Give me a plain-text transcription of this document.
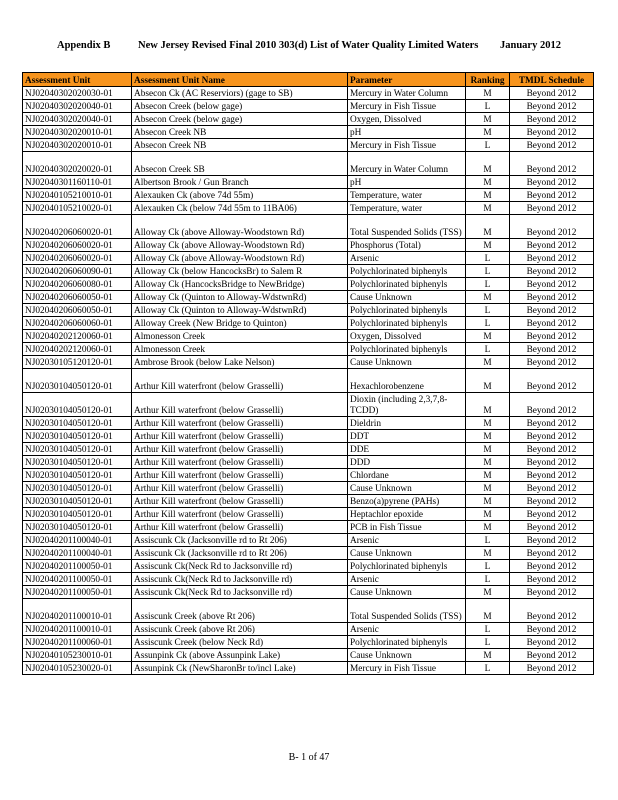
Appendix B	New Jersey Revised Final 2010 303(d) List of Water Quality Limited Waters January 2012
Assessment Unit	Assessment Unit Name	Parameter	Ranking	TMDL Schedule
NJ02040302020030-01	Absecon Ck (AC Reserviors) (gage to SB)	Mercury in Water Column	M	Beyond 2012
NJ02040302020040-01	Absecon Creek (below gage)	Mercury in Fish Tissue	L	Beyond 2012
NJ02040302020040-01	Absecon Creek (below gage)	Oxygen, Dissolved	M	Beyond 2012
NJ02040302020010-01	Absecon Creek NB	pH	M	Beyond 2012
NJ02040302020010-01	Absecon Creek NB	Mercury in Fish Tissue	L	Beyond 2012
NJ02040302020020-01	Absecon Creek SB	Mercury in Water Column	M	Beyond 2012
NJ02040301160110-01	Albertson Brook / Gun Branch	pH	M	Beyond 2012
NJ02040105210010-01	Alexauken Ck (above 74d 55m)	Temperature, water	M	Beyond 2012
NJ02040105210020-01	Alexauken Ck (below 74d 55m to 11BA06)	Temperature, water	M	Beyond 2012
NJ02040206060020-01	Alloway Ck (above Alloway-Woodstown Rd)	Total Suspended Solids (TSS)	M	Beyond 2012
NJ02040206060020-01	Alloway Ck (above Alloway-Woodstown Rd)	Phosphorus (Total)	M	Beyond 2012
NJ02040206060020-01	Alloway Ck (above Alloway-Woodstown Rd)	Arsenic	L	Beyond 2012
NJ02040206060090-01	Alloway Ck (below HancocksBr) to Salem R	Polychlorinated biphenyls	L	Beyond 2012
NJ02040206060080-01	Alloway Ck (HancocksBridge to NewBridge)	Polychlorinated biphenyls	L	Beyond 2012
NJ02040206060050-01	Alloway Ck (Quinton to Alloway-WdstwnRd)	Cause Unknown	M	Beyond 2012
NJ02040206060050-01	Alloway Ck (Quinton to Alloway-WdstwnRd)	Polychlorinated biphenyls	L	Beyond 2012
NJ02040206060060-01	Alloway Creek (New Bridge to Quinton)	Polychlorinated biphenyls	L	Beyond 2012
NJ02040202120060-01	Almonesson Creek	Oxygen, Dissolved	M	Beyond 2012
NJ02040202120060-01	Almonesson Creek	Polychlorinated biphenyls	L	Beyond 2012
NJ02030105120120-01	Ambrose Brook (below Lake Nelson)	Cause Unknown	M	Beyond 2012
NJ02030104050120-01	Arthur Kill waterfront (below Grasselli)	Hexachlorobenzene	M	Beyond 2012
NJ02030104050120-01	Arthur Kill waterfront (below Grasselli)	Dioxin (including 2,3,7,8-TCDD)	M	Beyond 2012
NJ02030104050120-01	Arthur Kill waterfront (below Grasselli)	Dieldrin	M	Beyond 2012
NJ02030104050120-01	Arthur Kill waterfront (below Grasselli)	DDT	M	Beyond 2012
NJ02030104050120-01	Arthur Kill waterfront (below Grasselli)	DDE	M	Beyond 2012
NJ02030104050120-01	Arthur Kill waterfront (below Grasselli)	DDD	M	Beyond 2012
NJ02030104050120-01	Arthur Kill waterfront (below Grasselli)	Chlordane	M	Beyond 2012
NJ02030104050120-01	Arthur Kill waterfront (below Grasselli)	Cause Unknown	M	Beyond 2012
NJ02030104050120-01	Arthur Kill waterfront (below Grasselli)	Benzo(a)pyrene (PAHs)	M	Beyond 2012
NJ02030104050120-01	Arthur Kill waterfront (below Grasselli)	Heptachlor epoxide	M	Beyond 2012
NJ02030104050120-01	Arthur Kill waterfront (below Grasselli)	PCB in Fish Tissue	M	Beyond 2012
NJ02040201100040-01	Assiscunk Ck (Jacksonville rd to Rt 206)	Arsenic	L	Beyond 2012
NJ02040201100040-01	Assiscunk Ck (Jacksonville rd to Rt 206)	Cause Unknown	M	Beyond 2012
NJ02040201100050-01	Assiscunk Ck(Neck Rd to Jacksonville rd)	Polychlorinated biphenyls	L	Beyond 2012
NJ02040201100050-01	Assiscunk Ck(Neck Rd to Jacksonville rd)	Arsenic	L	Beyond 2012
NJ02040201100050-01	Assiscunk Ck(Neck Rd to Jacksonville rd)	Cause Unknown	M	Beyond 2012
NJ02040201100010-01	Assiscunk Creek (above Rt 206)	Total Suspended Solids (TSS)	M	Beyond 2012
NJ02040201100010-01	Assiscunk Creek (above Rt 206)	Arsenic	L	Beyond 2012
NJ02040201100060-01	Assiscunk Creek (below Neck Rd)	Polychlorinated biphenyls	L	Beyond 2012
NJ02040105230010-01	Assunpink Ck (above Assunpink Lake)	Cause Unknown	M	Beyond 2012
NJ02040105230020-01	Assunpink Ck (NewSharonBr to/incl Lake)	Mercury in Fish Tissue	L	Beyond 2012
B- 1 of 47
